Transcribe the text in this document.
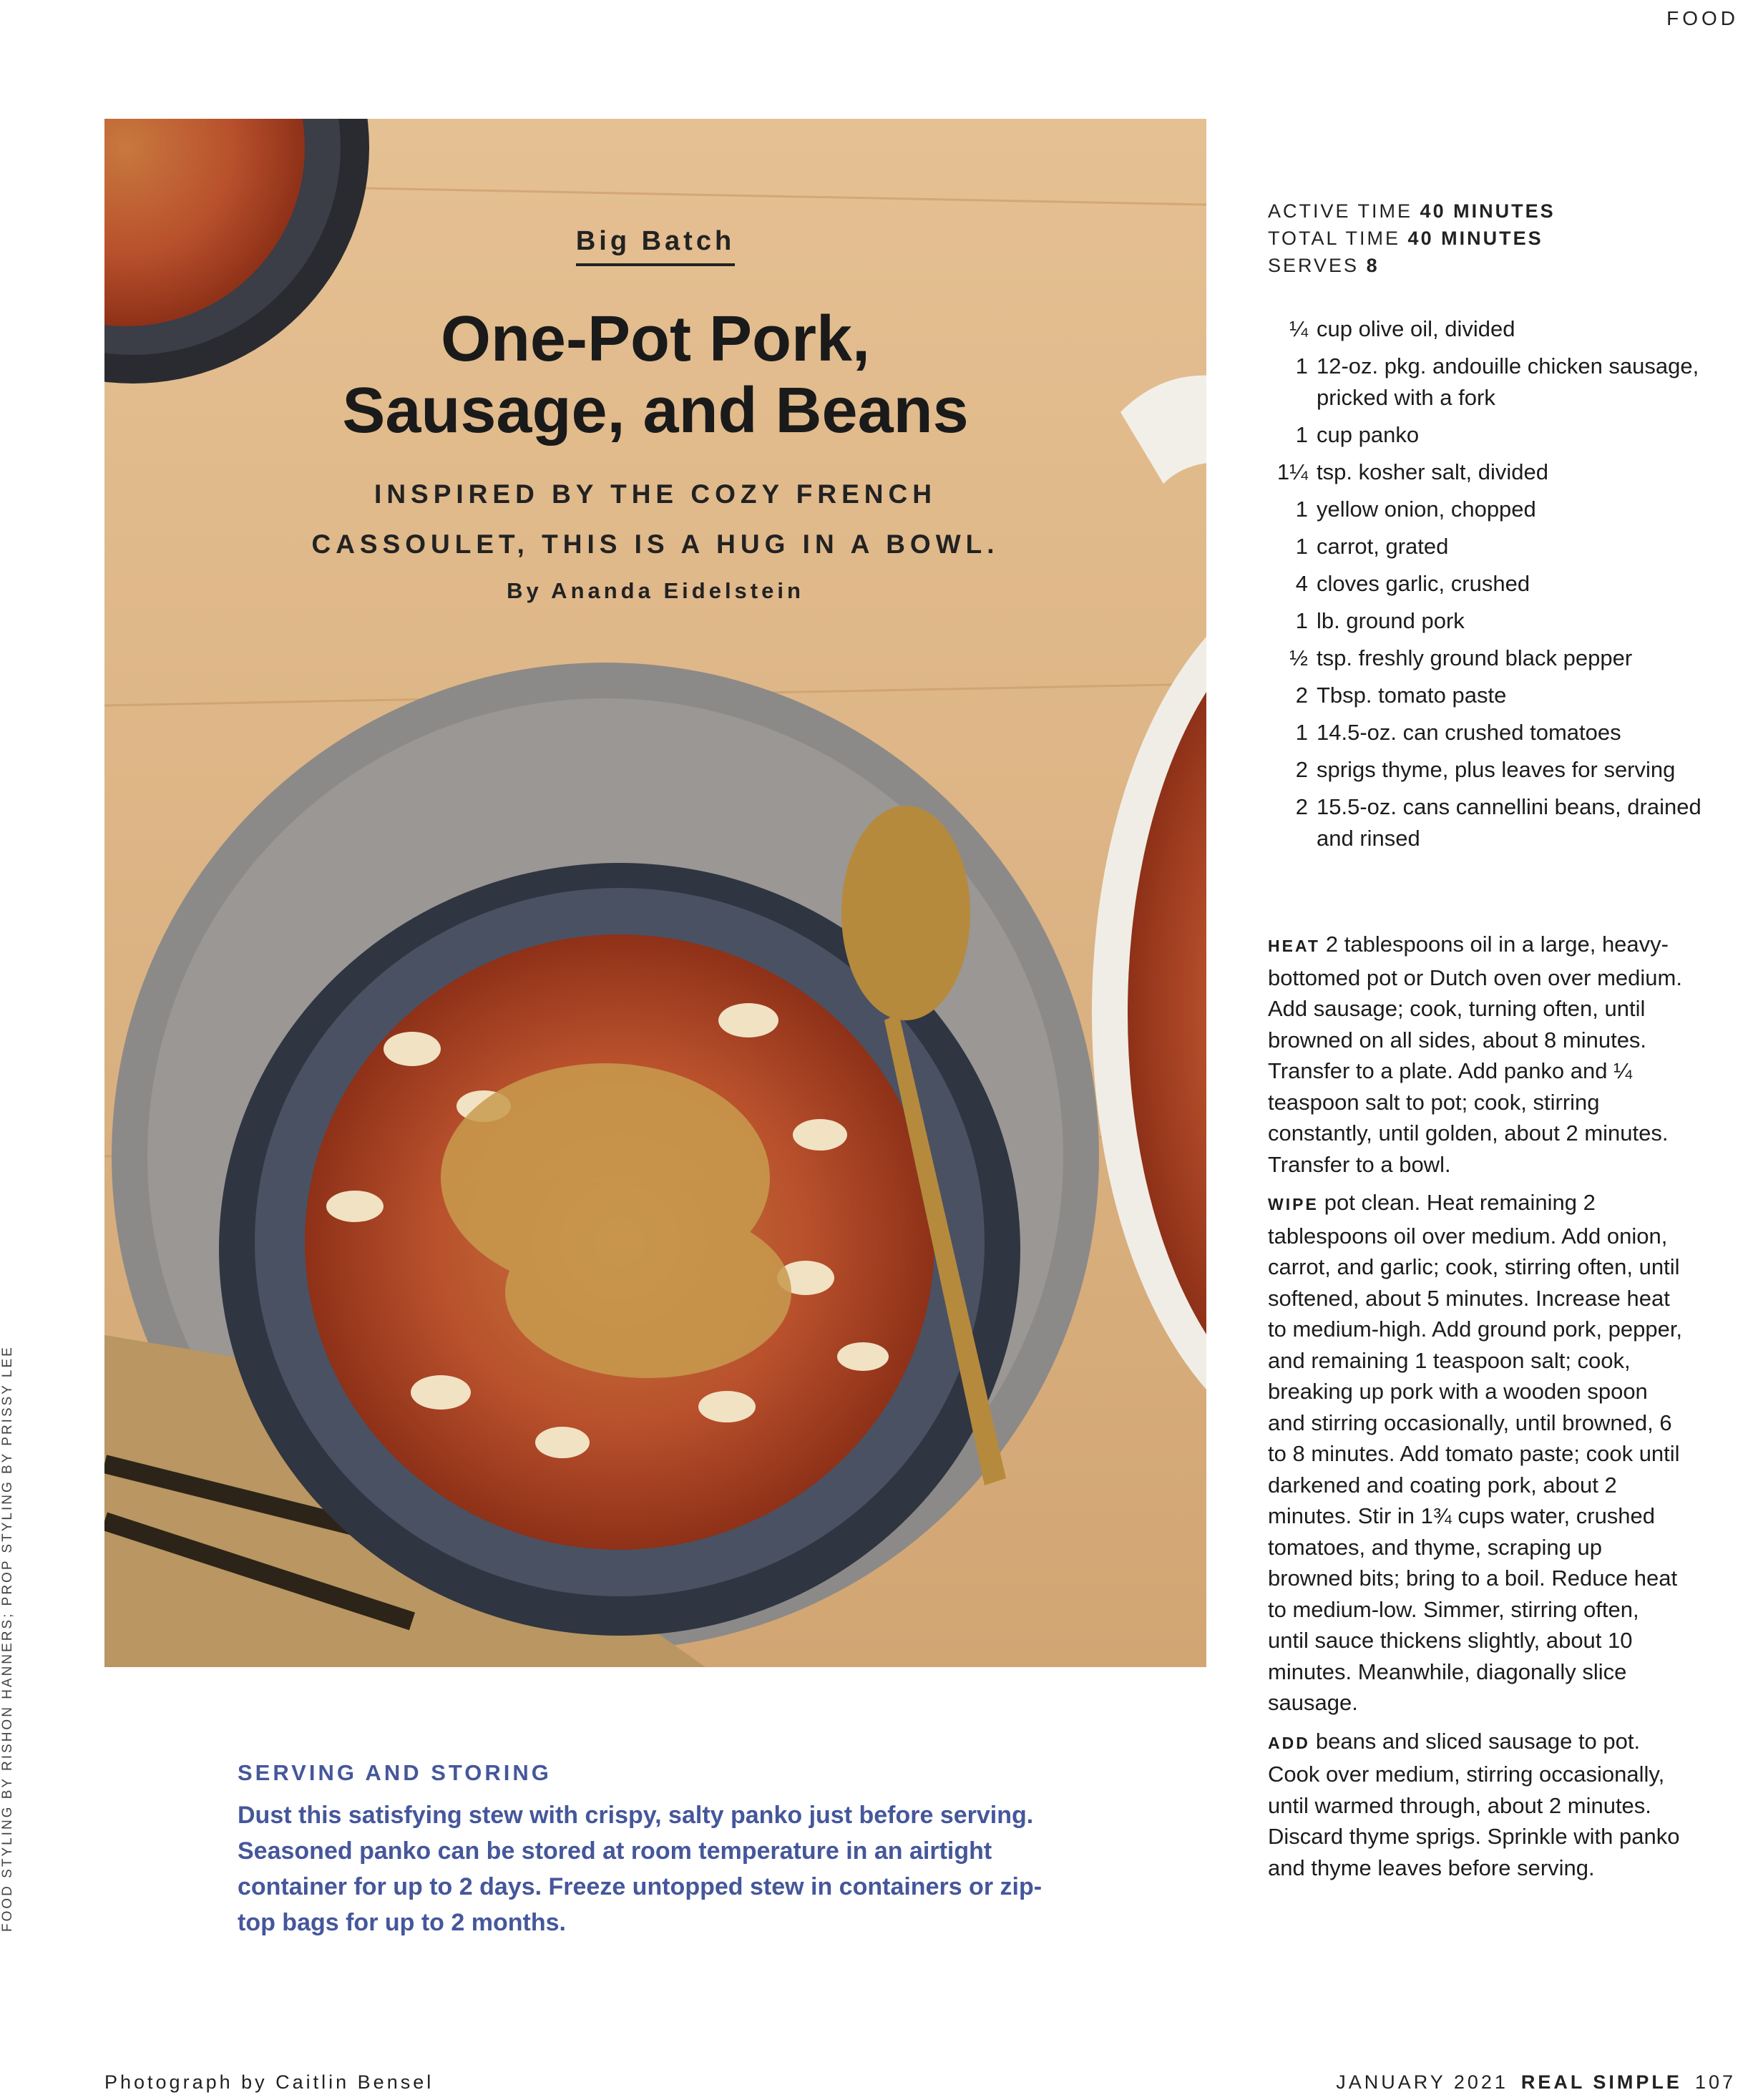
FOOD
Big Batch
One-Pot Pork,
Sausage, and Beans
INSPIRED BY THE COZY FRENCH
CASSOULET, THIS IS A HUG IN A BOWL.
By Ananda Eidelstein
ACTIVE TIME 40 MINUTES
TOTAL TIME 40 MINUTES
SERVES 8
¼ cup olive oil, divided
1 12-oz. pkg. andouille chicken sausage, pricked with a fork
1 cup panko
1¼ tsp. kosher salt, divided
1 yellow onion, chopped
1 carrot, grated
4 cloves garlic, crushed
1 lb. ground pork
½ tsp. freshly ground black pepper
2 Tbsp. tomato paste
1 14.5-oz. can crushed tomatoes
2 sprigs thyme, plus leaves for serving
2 15.5-oz. cans cannellini beans, drained and rinsed

HEAT 2 tablespoons oil in a large, heavy-bottomed pot or Dutch oven over medium. Add sausage; cook, turning often, until browned on all sides, about 8 minutes. Transfer to a plate. Add panko and ¼ teaspoon salt to pot; cook, stirring constantly, until golden, about 2 minutes. Transfer to a bowl.

WIPE pot clean. Heat remaining 2 tablespoons oil over medium. Add onion, carrot, and garlic; cook, stirring often, until softened, about 5 minutes. Increase heat to medium-high. Add ground pork, pepper, and remaining 1 teaspoon salt; cook, breaking up pork with a wooden spoon and stirring occasionally, until browned, 6 to 8 minutes. Add tomato paste; cook until darkened and coating pork, about 2 minutes. Stir in 1¾ cups water, crushed tomatoes, and thyme, scraping up browned bits; bring to a boil. Reduce heat to medium-low. Simmer, stirring often, until sauce thickens slightly, about 10 minutes. Meanwhile, diagonally slice sausage.

ADD beans and sliced sausage to pot. Cook over medium, stirring occasionally, until warmed through, about 2 minutes. Discard thyme sprigs. Sprinkle with panko and thyme leaves before serving.

SERVING AND STORING
Dust this satisfying stew with crispy, salty panko just before serving. Seasoned panko can be stored at room temperature in an airtight container for up to 2 days. Freeze untopped stew in containers or zip-top bags for up to 2 months.
FOOD STYLING BY RISHON HANNERS; PROP STYLING BY PRISSY LEE
Photograph by Caitlin Bensel	JANUARY 2021 REAL SIMPLE 107
